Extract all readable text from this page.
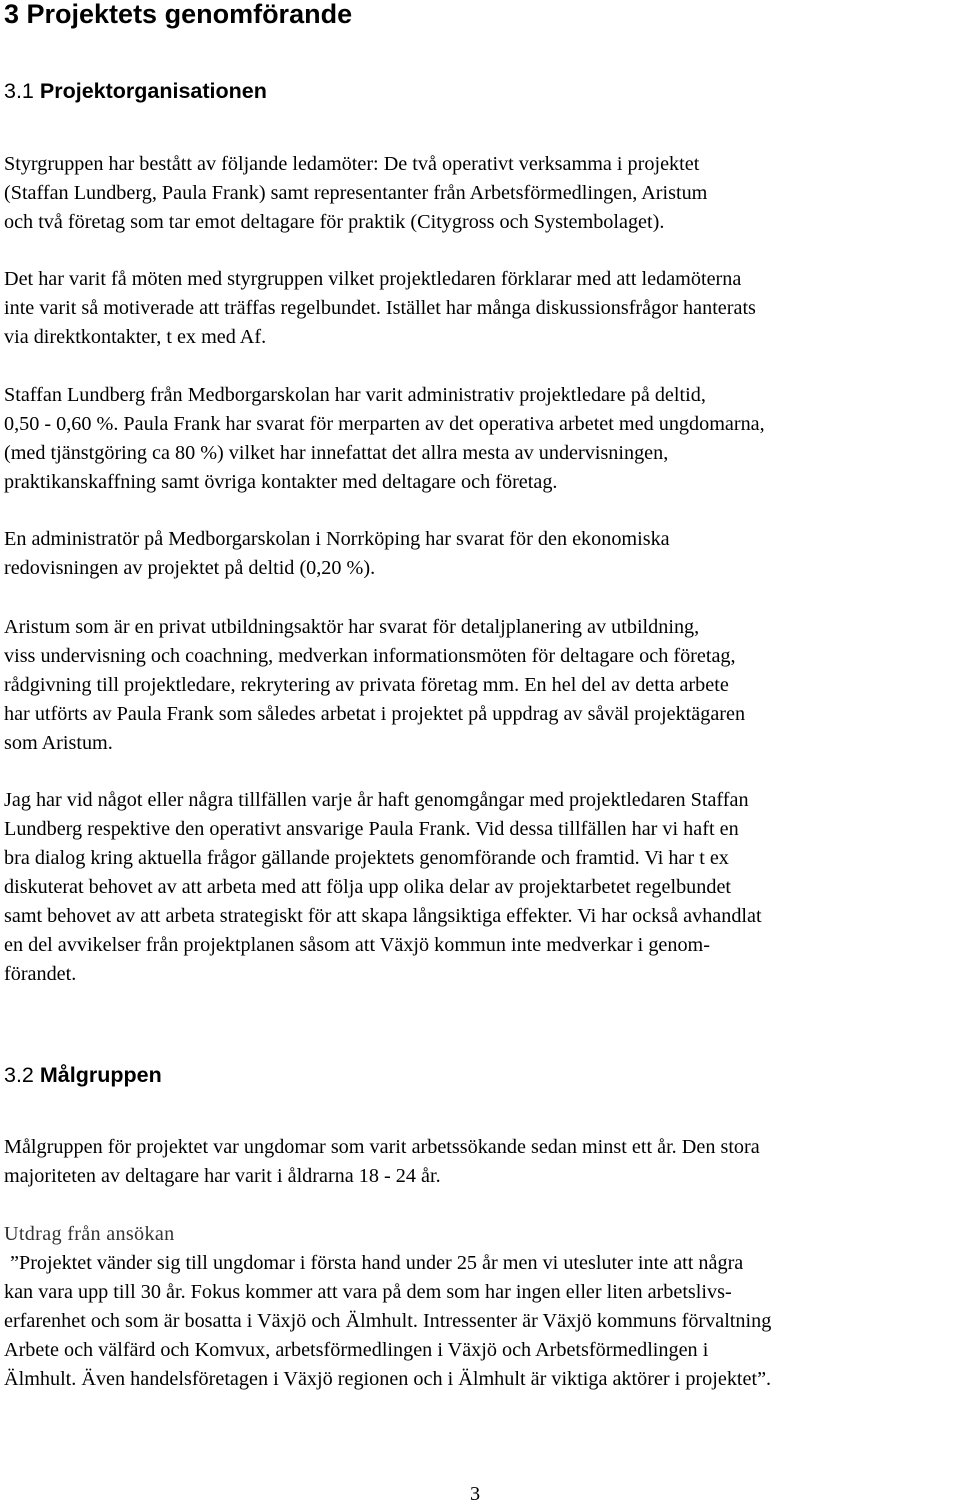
3 Projektets genomförande
3.1 Projektorganisationen
Styrgruppen har bestått av följande ledamöter: De två operativt verksamma i projektet
(Staffan Lundberg, Paula Frank) samt representanter från Arbetsförmedlingen, Aristum
och två företag som tar emot deltagare för praktik (Citygross och Systembolaget).
Det har varit få möten med styrgruppen vilket projektledaren förklarar med att ledamöterna
inte varit så motiverade att träffas regelbundet. Istället har många diskussionsfrågor hanterats
via direktkontakter, t ex med Af.
Staffan Lundberg från Medborgarskolan har varit administrativ projektledare på deltid,
0,50 - 0,60 %. Paula Frank har svarat för merparten av det operativa arbetet med ungdomarna,
(med tjänstgöring ca 80 %) vilket har innefattat det allra mesta av undervisningen,
praktikanskaffning samt övriga kontakter med deltagare och företag.
En administratör på Medborgarskolan i Norrköping har svarat för den ekonomiska
redovisningen av projektet på deltid (0,20 %).
Aristum som är en privat utbildningsaktör har svarat för detaljplanering av utbildning,
viss undervisning och coachning, medverkan informationsmöten för deltagare och företag,
rådgivning till projektledare, rekrytering av privata företag mm. En hel del av detta arbete
har utförts av Paula Frank som således arbetat i projektet på uppdrag av såväl projektägaren
som Aristum.
Jag har vid något eller några tillfällen varje år haft genomgångar med projektledaren Staffan
Lundberg respektive den operativt ansvarige Paula Frank. Vid dessa tillfällen har vi haft en
bra dialog kring aktuella frågor gällande projektets genomförande och framtid. Vi har t ex
diskuterat behovet av att arbeta med att följa upp olika delar av projektarbetet regelbundet
samt behovet av att arbeta strategiskt för att skapa långsiktiga effekter. Vi har också avhandlat
en del avvikelser från projektplanen såsom att Växjö kommun inte medverkar i genom-
förandet.
3.2 Målgruppen
Målgruppen för projektet var ungdomar som varit arbetssökande sedan minst ett år. Den stora
majoriteten av deltagare har varit i åldrarna 18 - 24 år.
Utdrag från ansökan
”Projektet vänder sig till ungdomar i första hand under 25 år men vi utesluter inte att några
kan vara upp till 30 år. Fokus kommer att vara på dem som har ingen eller liten arbetslivs-
erfarenhet och som är bosatta i Växjö och Älmhult. Intressenter är Växjö kommuns förvaltning
Arbete och välfärd och Komvux, arbetsförmedlingen i Växjö och Arbetsförmedlingen i
Älmhult. Även handelsföretagen i Växjö regionen och i Älmhult är viktiga aktörer i projektet”.
3
